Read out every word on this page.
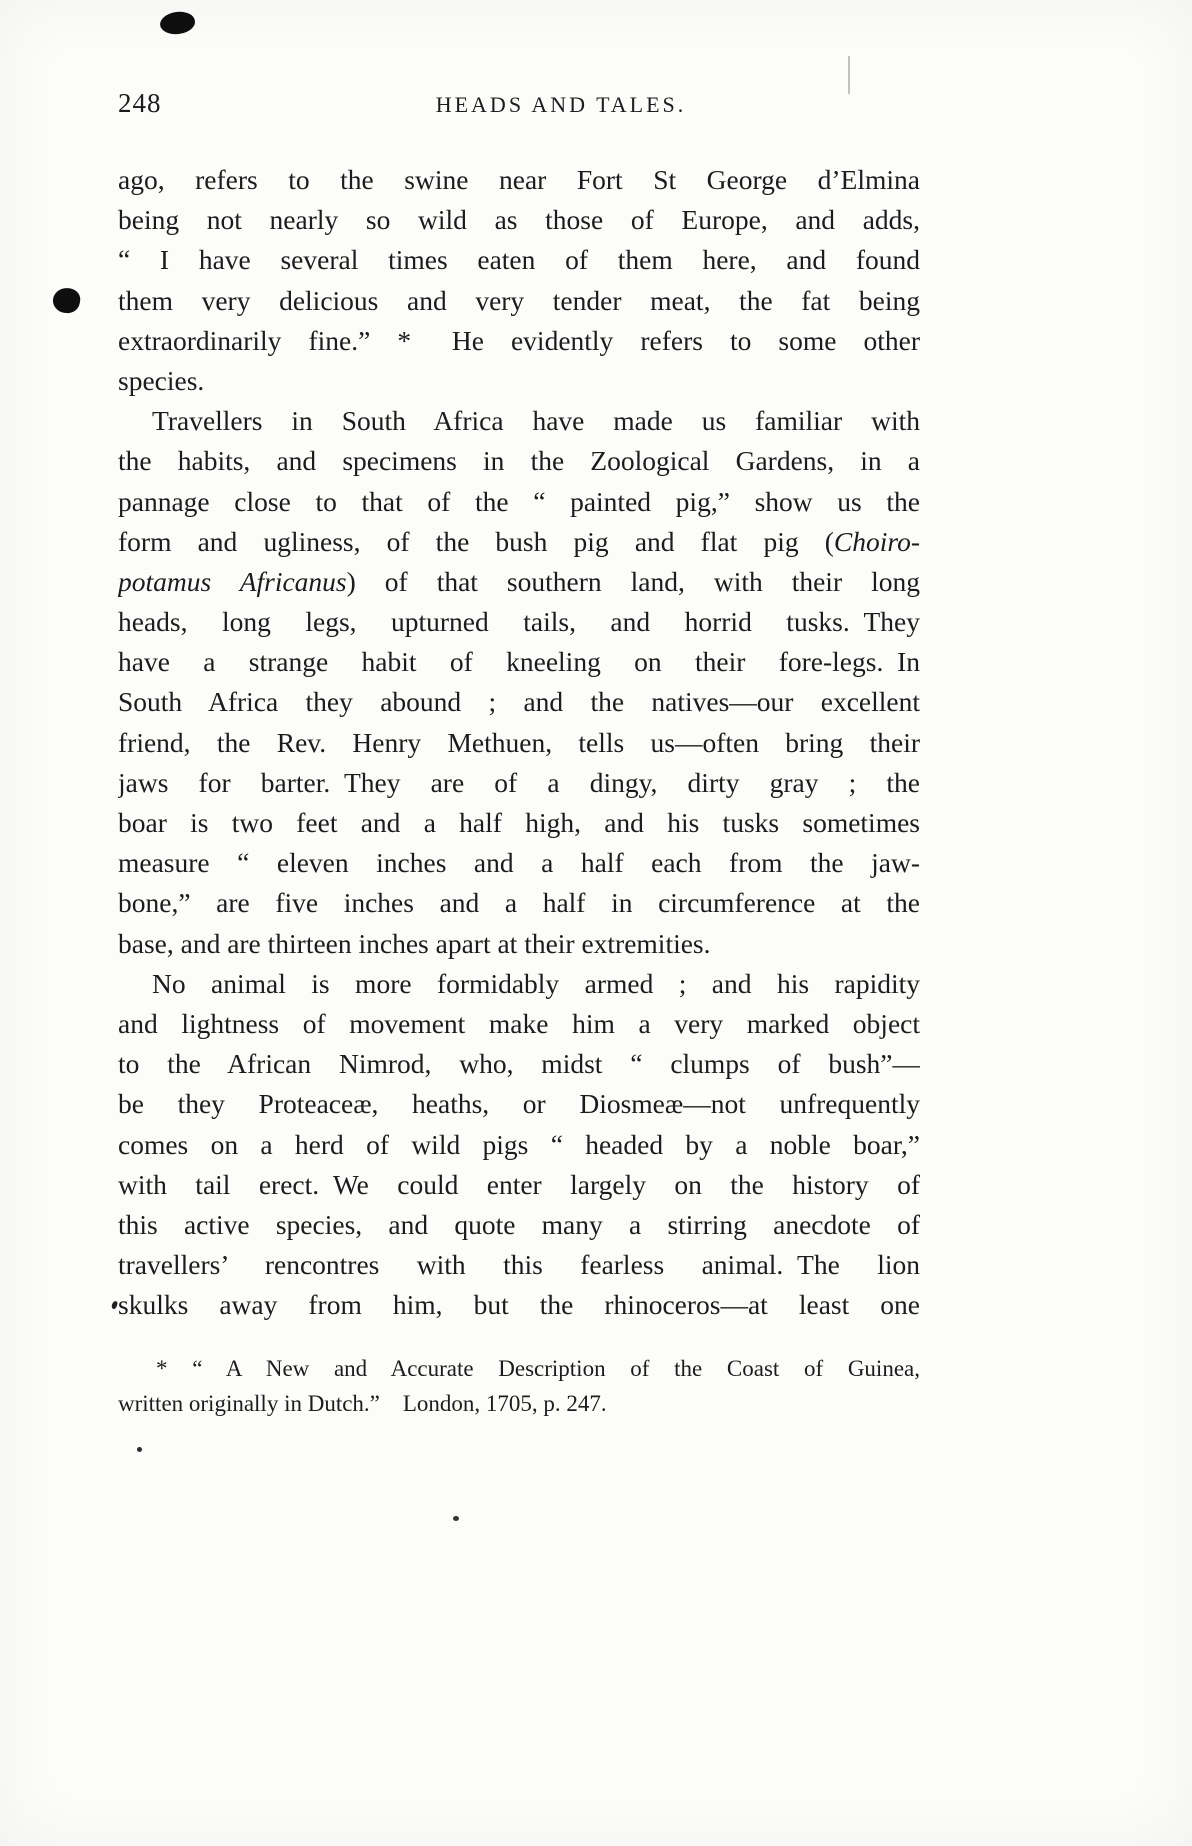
248	HEADS AND TALES.
ago, refers to the swine near Fort St George d’Elmina
being not nearly so wild as those of Europe, and adds,
“ I have several times eaten of them here, and found
them very delicious and very tender meat, the fat being
extraordinarily fine.” *  He evidently refers to some other
species.
Travellers in South Africa have made us familiar with
the habits, and specimens in the Zoological Gardens, in a
pannage close to that of the “ painted pig,” show us the
form and ugliness, of the bush pig and flat pig (Choiro-
potamus Africanus) of that southern land, with their long
heads, long legs, upturned tails, and horrid tusks. They
have a strange habit of kneeling on their fore-legs. In
South Africa they abound ; and the natives—our excellent
friend, the Rev. Henry Methuen, tells us—often bring their
jaws for barter. They are of a dingy, dirty gray ; the
boar is two feet and a half high, and his tusks sometimes
measure “ eleven inches and a half each from the jaw-
bone,” are five inches and a half in circumference at the
base, and are thirteen inches apart at their extremities.
No animal is more formidably armed ; and his rapidity
and lightness of movement make him a very marked object
to the African Nimrod, who, midst “ clumps of bush”—
be they Proteaceæ, heaths, or Diosmeæ—not unfrequently
comes on a herd of wild pigs “ headed by a noble boar,”
with tail erect. We could enter largely on the history of
this active species, and quote many a stirring anecdote of
travellers’ rencontres with this fearless animal. The lion
skulks away from him, but the rhinoceros—at least one
* “ A New and Accurate Description of the Coast of Guinea,
written originally in Dutch.” London, 1705, p. 247.
